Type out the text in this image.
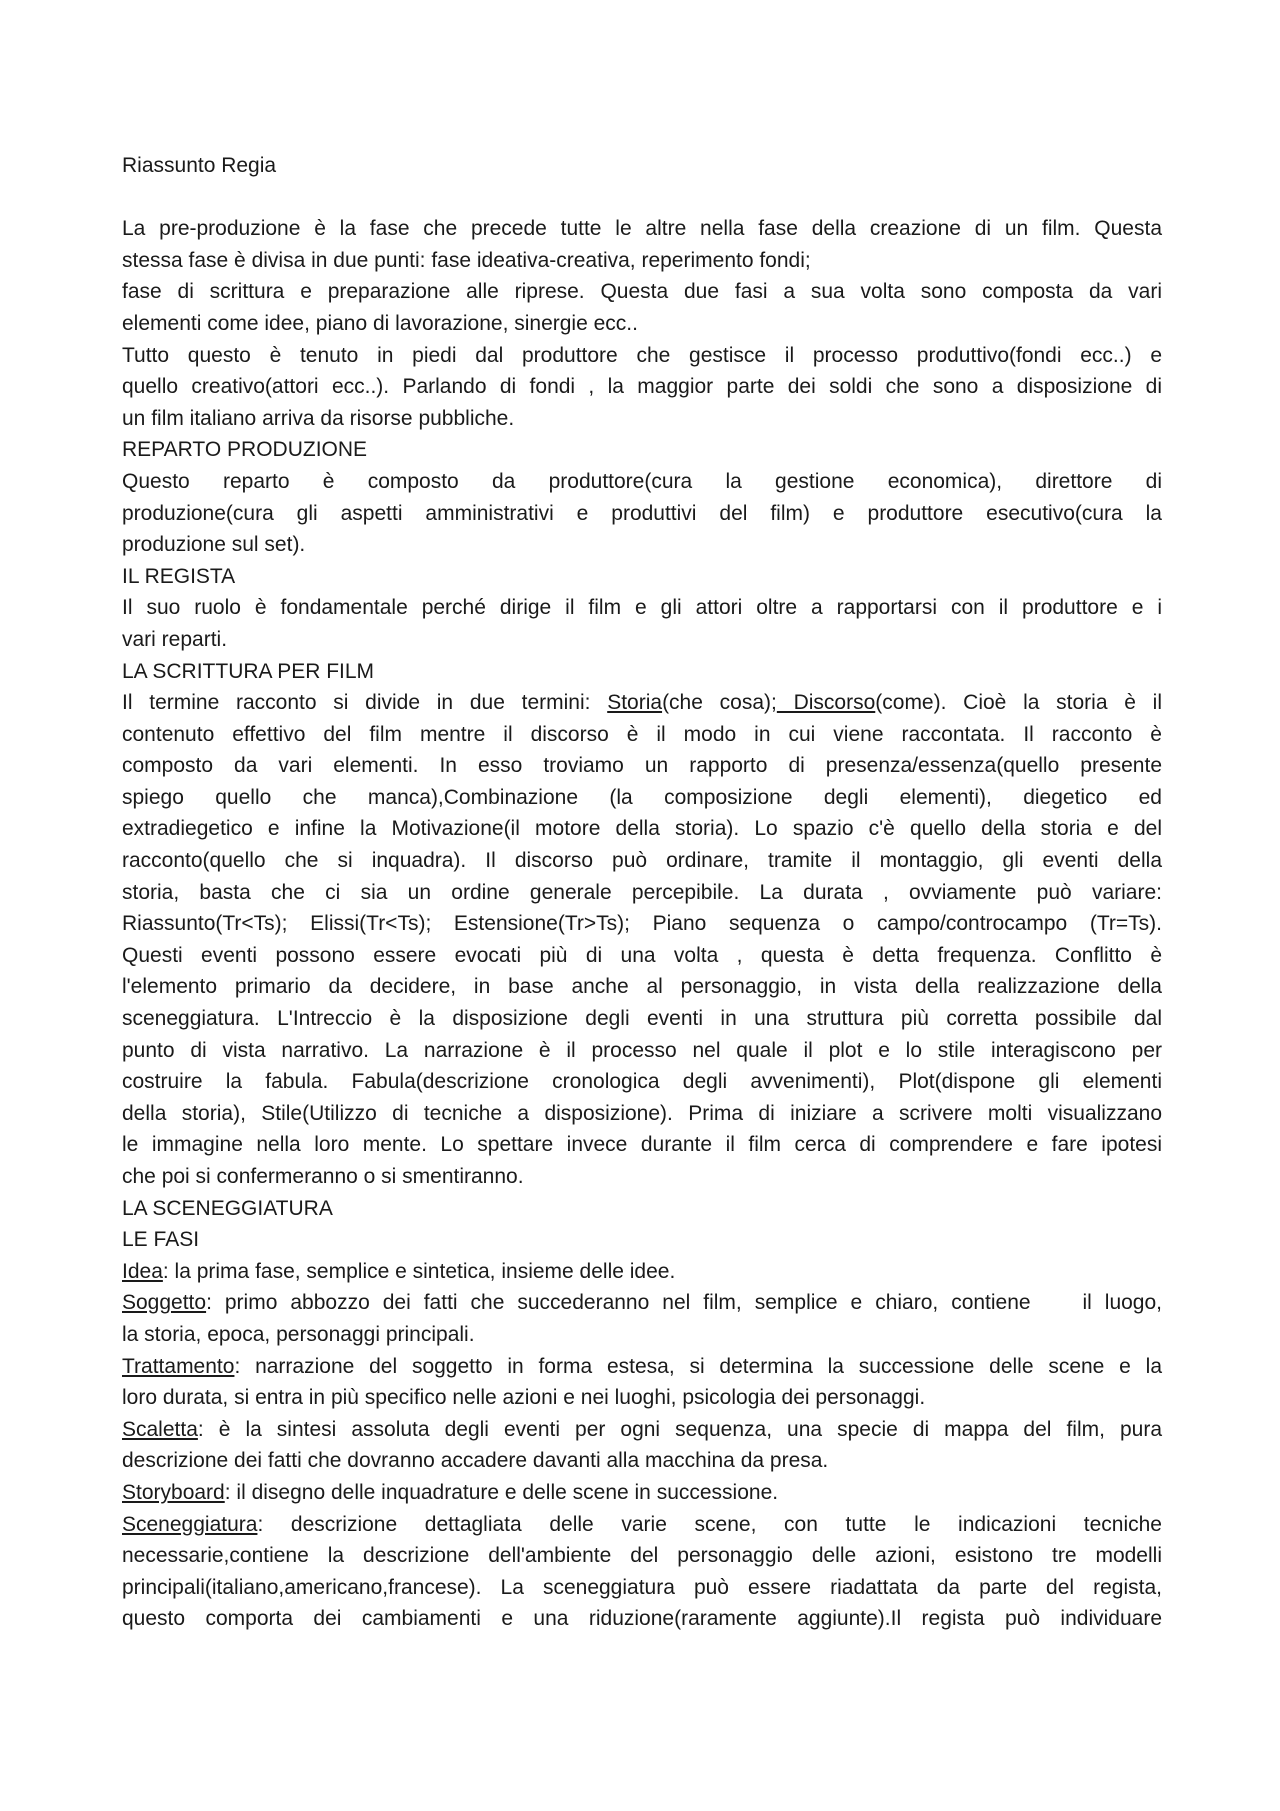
Riassunto Regia

La pre-produzione è la fase che precede tutte le altre nella fase della creazione di un film. Questa

stessa fase è divisa in due punti: fase ideativa-creativa, reperimento fondi;

fase di scrittura e preparazione alle riprese. Questa due fasi a sua volta sono composta da vari

elementi come idee, piano di lavorazione, sinergie ecc..

Tutto questo è tenuto in piedi dal produttore che gestisce il processo produttivo(fondi ecc..) e

quello creativo(attori ecc..). Parlando di fondi , la maggior parte dei soldi che sono a disposizione di

un film italiano arriva da risorse pubbliche.

REPARTO PRODUZIONE

Questo reparto è composto da produttore(cura la gestione economica), direttore di

produzione(cura gli aspetti amministrativi e produttivi del film) e produttore esecutivo(cura la

produzione sul set).

IL REGISTA

Il suo ruolo è fondamentale perché dirige il film e gli attori oltre a rapportarsi con il produttore e i

vari reparti.

LA SCRITTURA PER FILM

Il termine racconto si divide in due termini: Storia(che cosa); Discorso(come). Cioè la storia è il

contenuto effettivo del film mentre il discorso è il modo in cui viene raccontata. Il racconto è

composto da vari elementi. In esso troviamo un rapporto di presenza/essenza(quello presente

spiego quello che manca),Combinazione (la composizione degli elementi), diegetico ed

extradiegetico e infine la Motivazione(il motore della storia). Lo spazio c'è quello della storia e del

racconto(quello che si inquadra). Il discorso può ordinare, tramite il montaggio, gli eventi della

storia, basta che ci sia un ordine generale percepibile. La durata , ovviamente può variare:

Riassunto(Tr<Ts); Elissi(Tr<Ts); Estensione(Tr>Ts); Piano sequenza o campo/controcampo (Tr=Ts).

Questi eventi possono essere evocati più di una volta , questa è detta frequenza. Conflitto è

l'elemento primario da decidere, in base anche al personaggio, in vista della realizzazione della

sceneggiatura. L'Intreccio è la disposizione degli eventi in una struttura più corretta possibile dal

punto di vista narrativo. La narrazione è il processo nel quale il plot e lo stile interagiscono per

costruire la fabula. Fabula(descrizione cronologica degli avvenimenti), Plot(dispone gli elementi

della storia), Stile(Utilizzo di tecniche a disposizione). Prima di iniziare a scrivere molti visualizzano

le immagine nella loro mente. Lo spettare invece durante il film cerca di comprendere e fare ipotesi

che poi si confermeranno o si smentiranno.

LA SCENEGGIATURA

LE FASI

Idea: la prima fase, semplice e sintetica, insieme delle idee.

Soggetto: primo abbozzo dei fatti che succederanno nel film, semplice e chiaro, contiene    il luogo,

la storia, epoca, personaggi principali.

Trattamento: narrazione del soggetto in forma estesa, si determina la successione delle scene e la

loro durata, si entra in più specifico nelle azioni e nei luoghi, psicologia dei personaggi.

Scaletta: è la sintesi assoluta degli eventi per ogni sequenza, una specie di mappa del film, pura

descrizione dei fatti che dovranno accadere davanti alla macchina da presa.

Storyboard: il disegno delle inquadrature e delle scene in successione.

Sceneggiatura: descrizione dettagliata delle varie scene, con tutte le indicazioni tecniche

necessarie,contiene la descrizione dell'ambiente del personaggio delle azioni, esistono tre modelli

principali(italiano,americano,francese). La sceneggiatura può essere riadattata da parte del regista,

questo comporta dei cambiamenti e una riduzione(raramente aggiunte).Il regista può individuare
